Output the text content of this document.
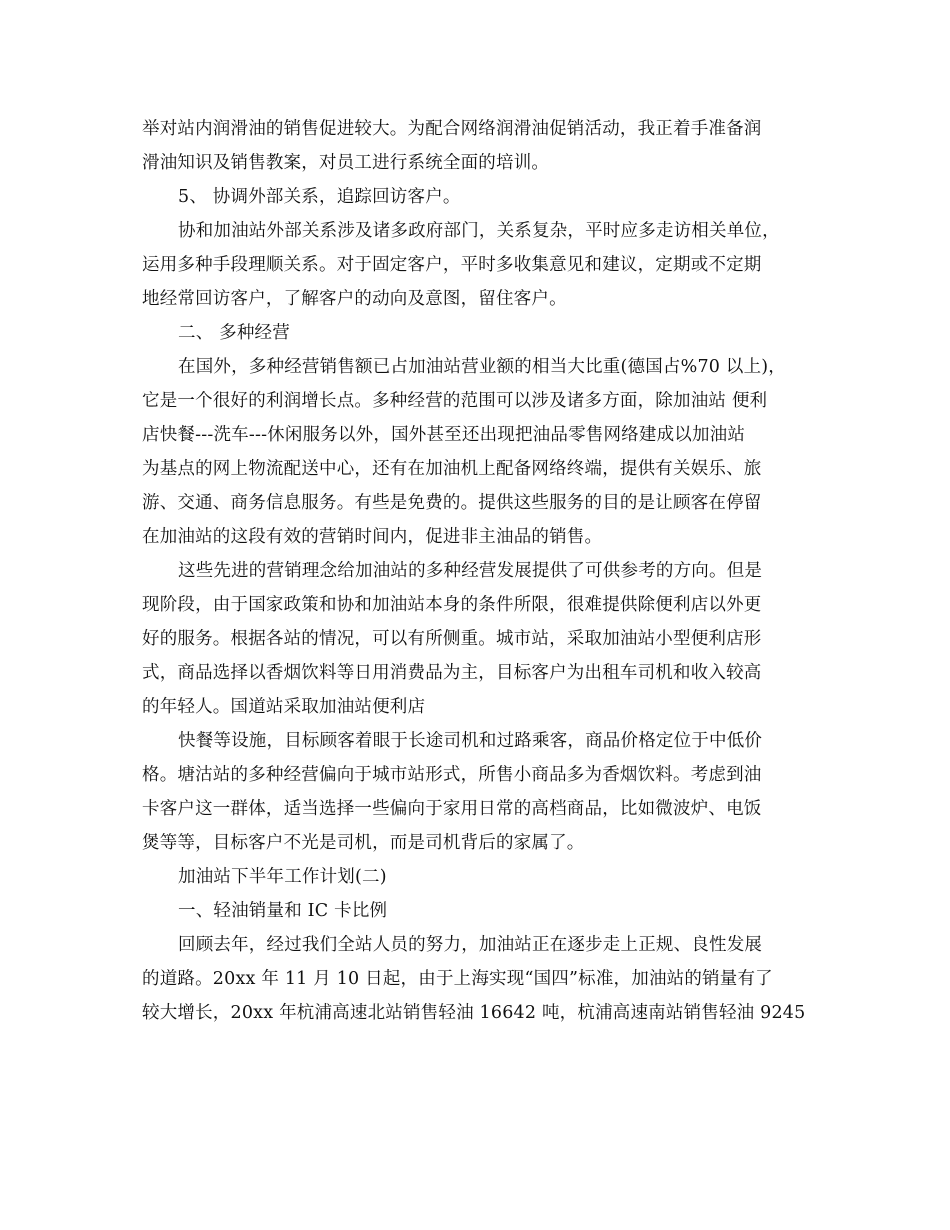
举对站内润滑油的销售促进较大。为配合网络润滑油促销活动，我正着手准备润
滑油知识及销售教案，对员工进行系统全面的培训。
5、 协调外部关系，追踪回访客户。
协和加油站外部关系涉及诸多政府部门，关系复杂，平时应多走访相关单位，
运用多种手段理顺关系。对于固定客户，平时多收集意见和建议，定期或不定期
地经常回访客户，了解客户的动向及意图，留住客户。
二、 多种经营
在国外，多种经营销售额已占加油站营业额的相当大比重(德国占%70 以上)，
它是一个很好的利润增长点。多种经营的范围可以涉及诸多方面，除加油站 便利
店快餐---洗车---休闲服务以外，国外甚至还出现把油品零售网络建成以加油站
为基点的网上物流配送中心，还有在加油机上配备网络终端，提供有关娱乐、旅
游、交通、商务信息服务。有些是免费的。提供这些服务的目的是让顾客在停留
在加油站的这段有效的营销时间内，促进非主油品的销售。
这些先进的营销理念给加油站的多种经营发展提供了可供参考的方向。但是
现阶段，由于国家政策和协和加油站本身的条件所限，很难提供除便利店以外更
好的服务。根据各站的情况，可以有所侧重。城市站，采取加油站小型便利店形
式，商品选择以香烟饮料等日用消费品为主，目标客户为出租车司机和收入较高
的年轻人。国道站采取加油站便利店
快餐等设施，目标顾客着眼于长途司机和过路乘客，商品价格定位于中低价
格。塘沽站的多种经营偏向于城市站形式，所售小商品多为香烟饮料。考虑到油
卡客户这一群体，适当选择一些偏向于家用日常的高档商品，比如微波炉、电饭
煲等等，目标客户不光是司机，而是司机背后的家属了。
加油站下半年工作计划(二)
一、轻油销量和 IC 卡比例
回顾去年，经过我们全站人员的努力，加油站正在逐步走上正规、良性发展
的道路。20xx 年 11 月 10 日起，由于上海实现“国四”标准，加油站的销量有了
较大增长，20xx 年杭浦高速北站销售轻油 16642 吨，杭浦高速南站销售轻油 9245
